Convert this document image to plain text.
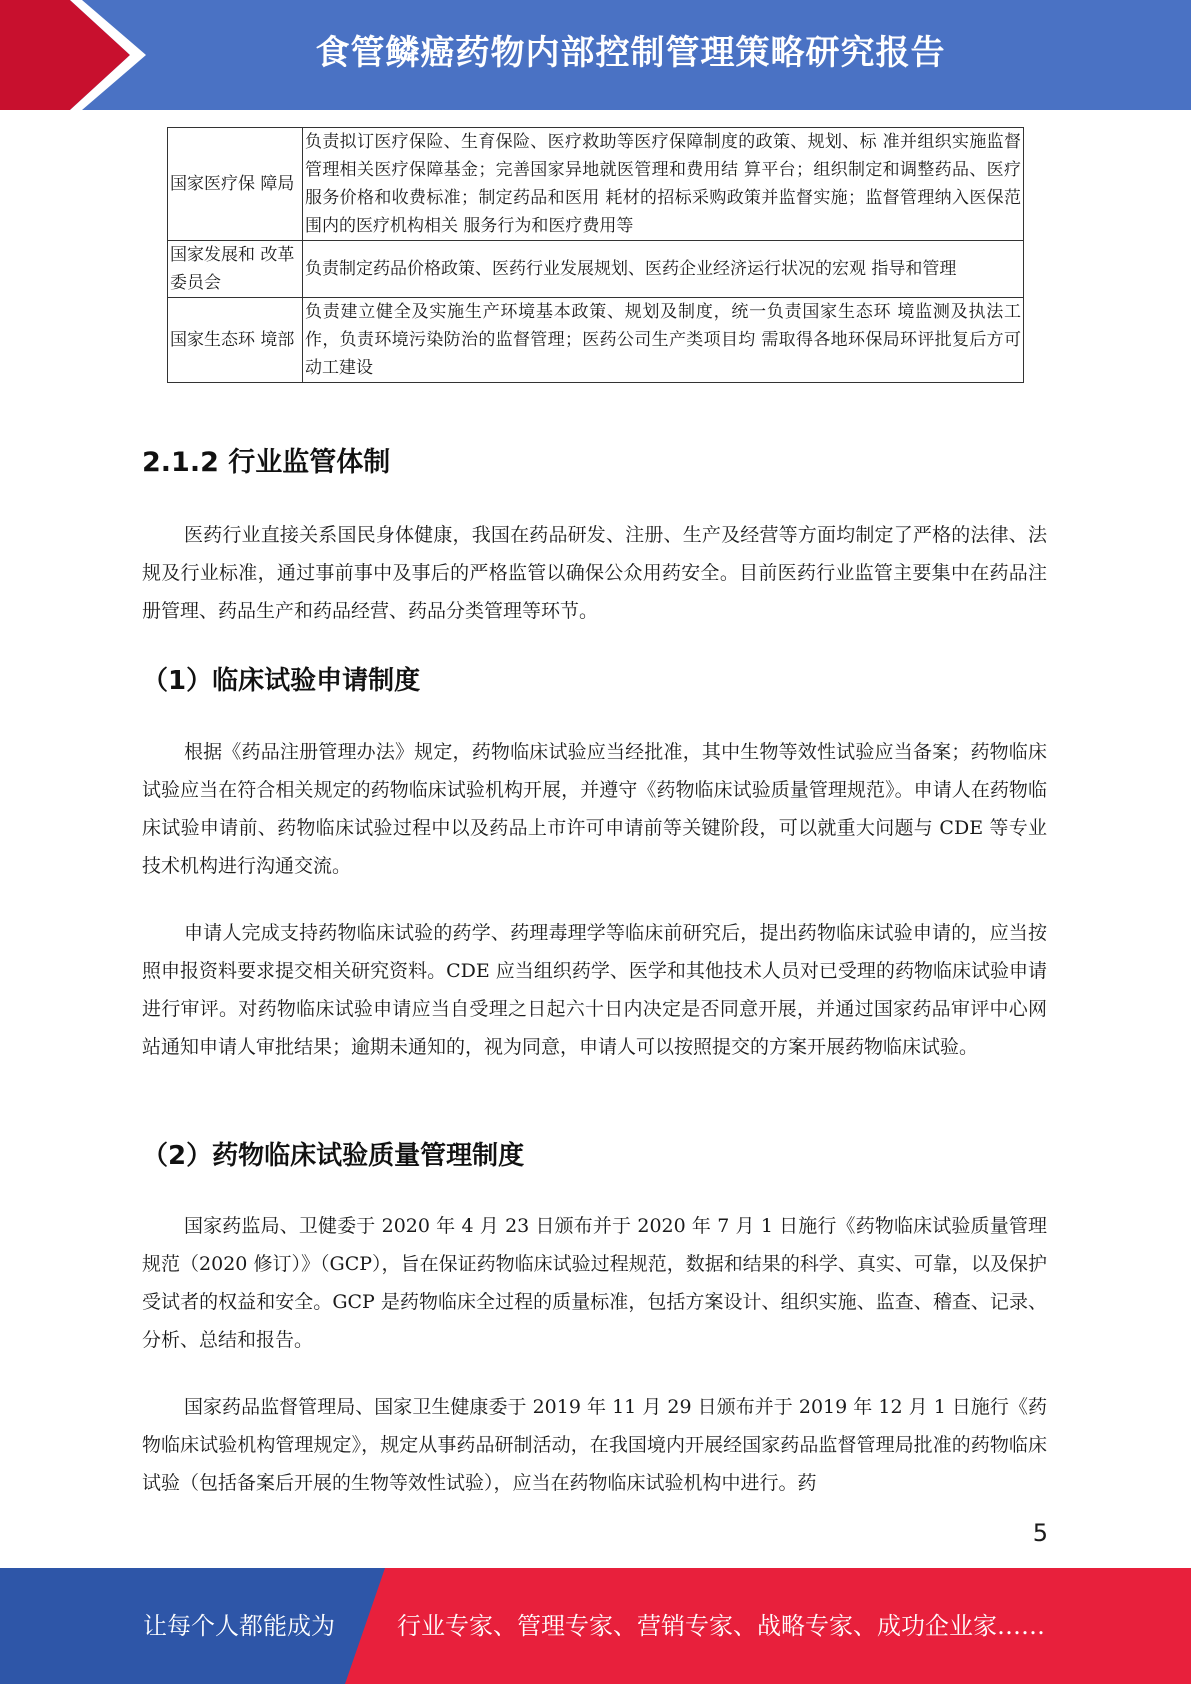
食管鳞癌药物内部控制管理策略研究报告
国家医疗保 障局	负责拟订医疗保险、生育保险、医疗救助等医疗保障制度的政策、规划、标 准并组织实施监督管理相关医疗保障基金；完善国家异地就医管理和费用结 算平台；组织制定和调整药品、医疗服务价格和收费标准；制定药品和医用 耗材的招标采购政策并监督实施；监督管理纳入医保范围内的医疗机构相关 服务行为和医疗费用等
国家发展和 改革委员会	负责制定药品价格政策、医药行业发展规划、医药企业经济运行状况的宏观 指导和管理
国家生态环 境部	负责建立健全及实施生产环境基本政策、规划及制度，统一负责国家生态环 境监测及执法工作，负责环境污染防治的监督管理；医药公司生产类项目均 需取得各地环保局环评批复后方可动工建设
2.1.2 行业监管体制

医药行业直接关系国民身体健康，我国在药品研发、注册、生产及经营等方面均制定了严格的法律、法规及行业标准，通过事前事中及事后的严格监管以确保公众用药安全。目前医药行业监管主要集中在药品注册管理、药品生产和药品经营、药品分类管理等环节。

（1）临床试验申请制度

根据《药品注册管理办法》规定，药物临床试验应当经批准，其中生物等效性试验应当备案；药物临床试验应当在符合相关规定的药物临床试验机构开展，并遵守《药物临床试验质量管理规范》。申请人在药物临床试验申请前、药物临床试验过程中以及药品上市许可申请前等关键阶段，可以就重大问题与 CDE 等专业技术机构进行沟通交流。

申请人完成支持药物临床试验的药学、药理毒理学等临床前研究后，提出药物临床试验申请的，应当按照申报资料要求提交相关研究资料。CDE 应当组织药学、医学和其他技术人员对已受理的药物临床试验申请进行审评。对药物临床试验申请应当自受理之日起六十日内决定是否同意开展，并通过国家药品审评中心网站通知申请人审批结果；逾期未通知的，视为同意，申请人可以按照提交的方案开展药物临床试验。

（2）药物临床试验质量管理制度

国家药监局、卫健委于 2020 年 4 月 23 日颁布并于 2020 年 7 月 1 日施行《药物临床试验质量管理规范（2020 修订）》（GCP），旨在保证药物临床试验过程规范，数据和结果的科学、真实、可靠，以及保护受试者的权益和安全。GCP 是药物临床全过程的质量标准，包括方案设计、组织实施、监查、稽查、记录、分析、总结和报告。

国家药品监督管理局、国家卫生健康委于 2019 年 11 月 29 日颁布并于 2019 年 12 月 1 日施行《药物临床试验机构管理规定》，规定从事药品研制活动，在我国境内开展经国家药品监督管理局批准的药物临床试验（包括备案后开展的生物等效性试验），应当在药物临床试验机构中进行。药

5
让每个人都能成为	行业专家、管理专家、营销专家、战略专家、成功企业家……
